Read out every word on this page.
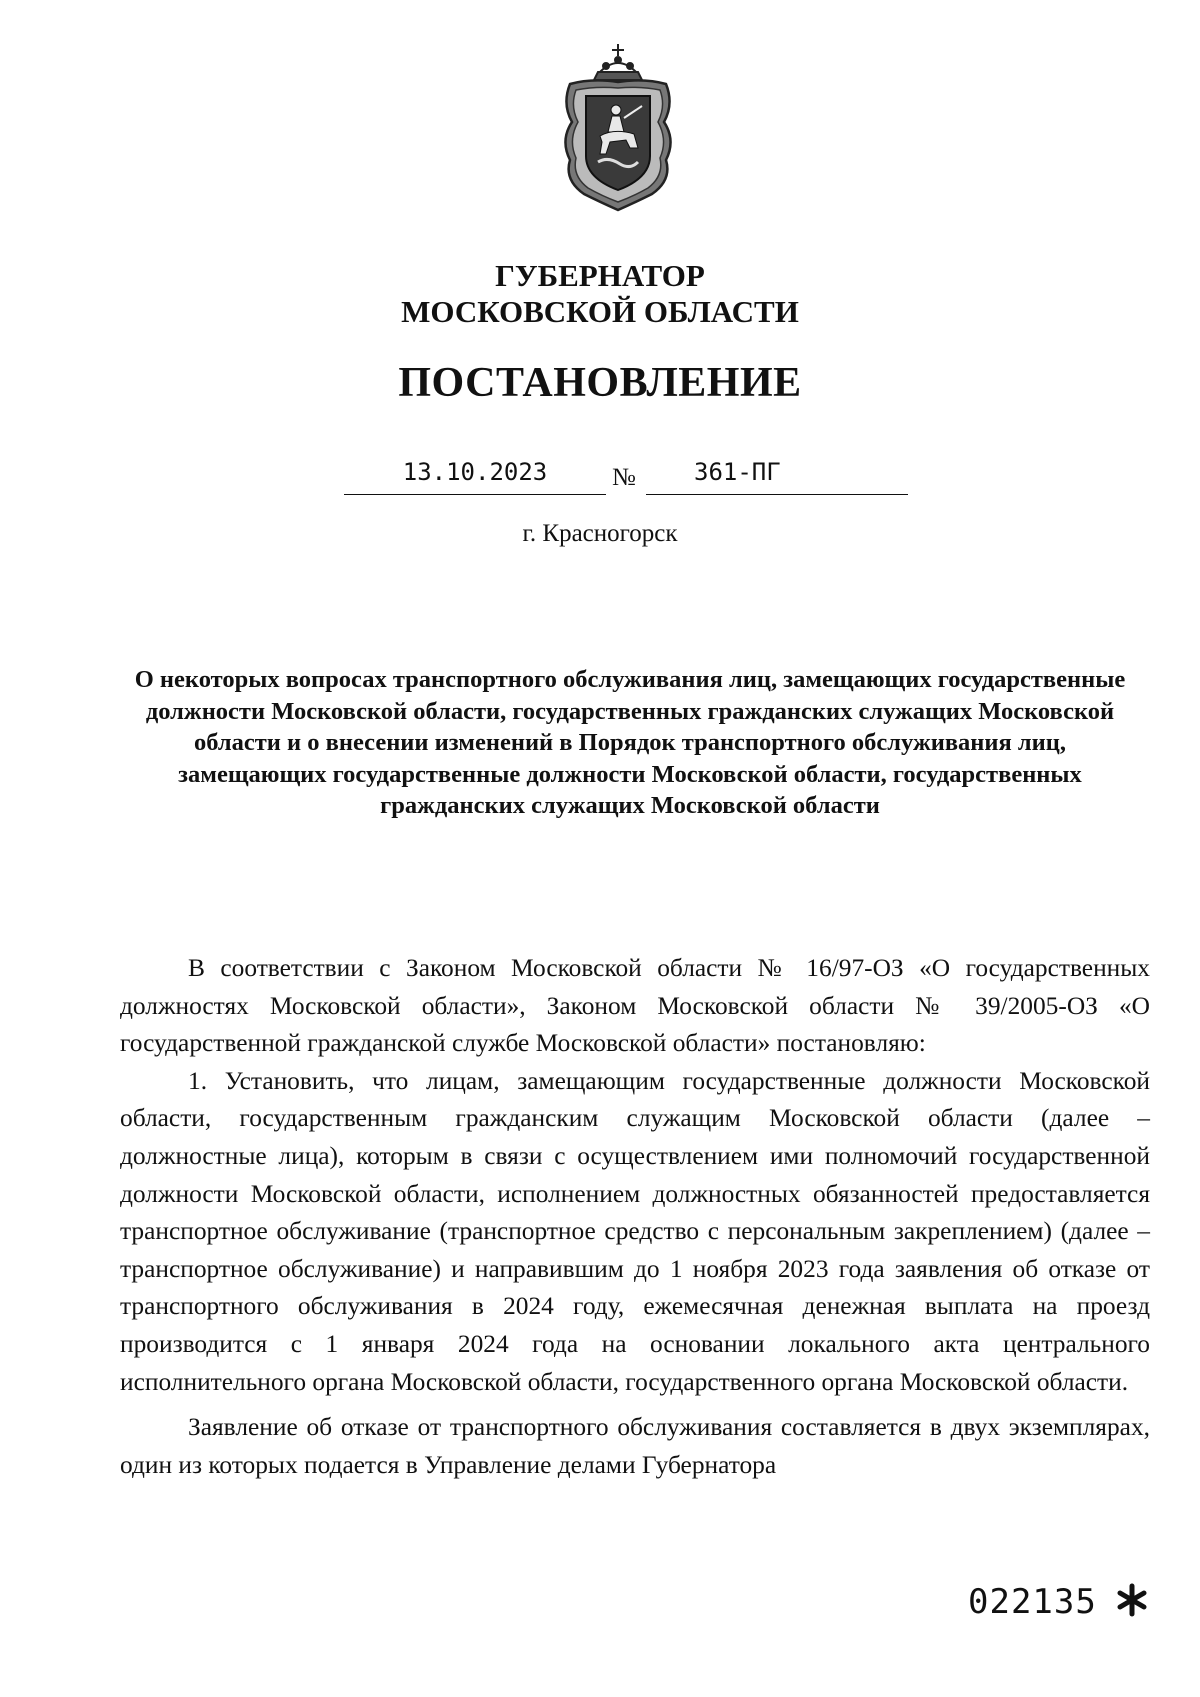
ГУБЕРНАТОР
МОСКОВСКОЙ ОБЛАСТИ
ПОСТАНОВЛЕНИЕ
13.10.2023	№	361-ПГ
г. Красногорск

О некоторых вопросах транспортного обслуживания лиц, замещающих государственные должности Московской области, государственных гражданских служащих Московской области и о внесении изменений в Порядок транспортного обслуживания лиц, замещающих государственные должности Московской области, государственных гражданских служащих Московской области

В соответствии с Законом Московской области № 16/97-ОЗ «О государственных должностях Московской области», Законом Московской области № 39/2005-ОЗ «О государственной гражданской службе Московской области» постановляю:

1. Установить, что лицам, замещающим государственные должности Московской области, государственным гражданским служащим Московской области (далее – должностные лица), которым в связи с осуществлением ими полномочий государственной должности Московской области, исполнением должностных обязанностей предоставляется транспортное обслуживание (транспортное средство с персональным закреплением) (далее – транспортное обслуживание) и направившим до 1 ноября 2023 года заявления об отказе от транспортного обслуживания в 2024 году, ежемесячная денежная выплата на проезд производится с 1 января 2024 года на основании локального акта центрального исполнительного органа Московской области, государственного органа Московской области.

Заявление об отказе от транспортного обслуживания составляется в двух экземплярах, один из которых подается в Управление делами Губернатора

022135
